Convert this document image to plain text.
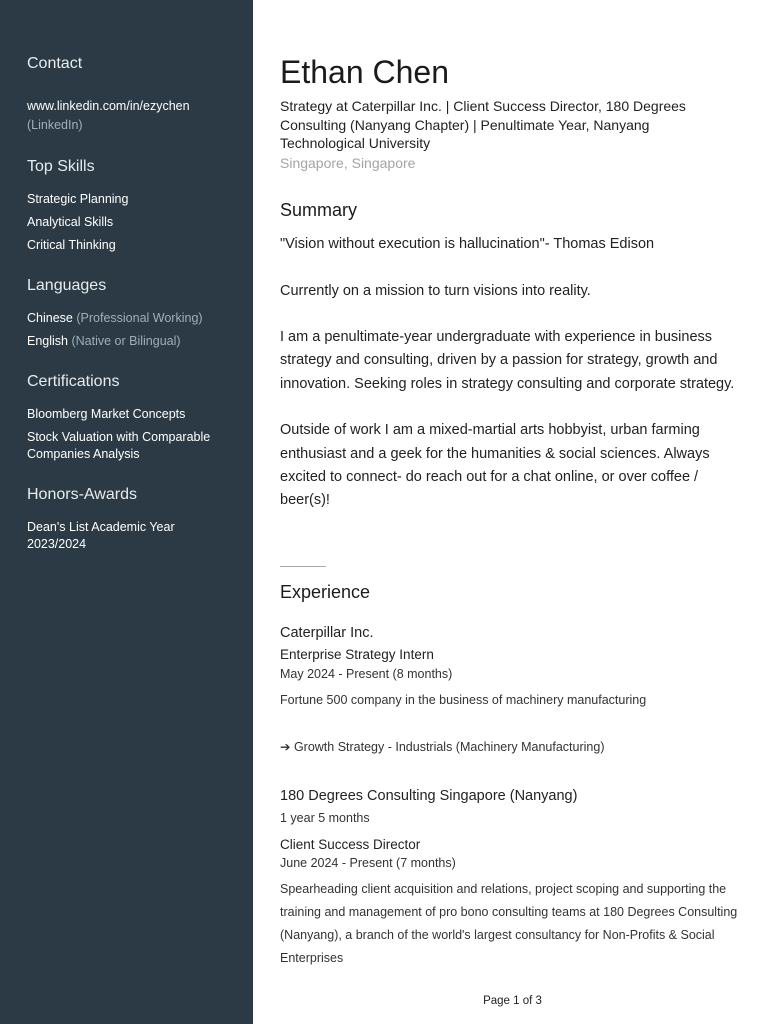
Contact
www.linkedin.com/in/ezychen
(LinkedIn)
Top Skills
Strategic Planning
Analytical Skills
Critical Thinking
Languages
Chinese (Professional Working)
English (Native or Bilingual)
Certifications
Bloomberg Market Concepts
Stock Valuation with Comparable Companies Analysis
Honors-Awards
Dean's List Academic Year 2023/2024
Ethan Chen
Strategy at Caterpillar Inc. | Client Success Director, 180 Degrees Consulting (Nanyang Chapter) | Penultimate Year, Nanyang Technological University
Singapore, Singapore
Summary

"Vision without execution is hallucination"- Thomas Edison

Currently on a mission to turn visions into reality.

I am a penultimate-year undergraduate with experience in business strategy and consulting, driven by a passion for strategy, growth and innovation. Seeking roles in strategy consulting and corporate strategy.

Outside of work I am a mixed-martial arts hobbyist, urban farming enthusiast and a geek for the humanities & social sciences. Always excited to connect- do reach out for a chat online, or over coffee / beer(s)!

Experience
Caterpillar Inc.
Enterprise Strategy Intern
May 2024 - Present (8 months)
Fortune 500 company in the business of machinery manufacturing
➔ Growth Strategy - Industrials (Machinery Manufacturing)
180 Degrees Consulting Singapore (Nanyang)
1 year 5 months
Client Success Director
June 2024 - Present (7 months)
Spearheading client acquisition and relations, project scoping and supporting the training and management of pro bono consulting teams at 180 Degrees Consulting (Nanyang), a branch of the world's largest consultancy for Non-Profits & Social Enterprises
Page 1 of 3
